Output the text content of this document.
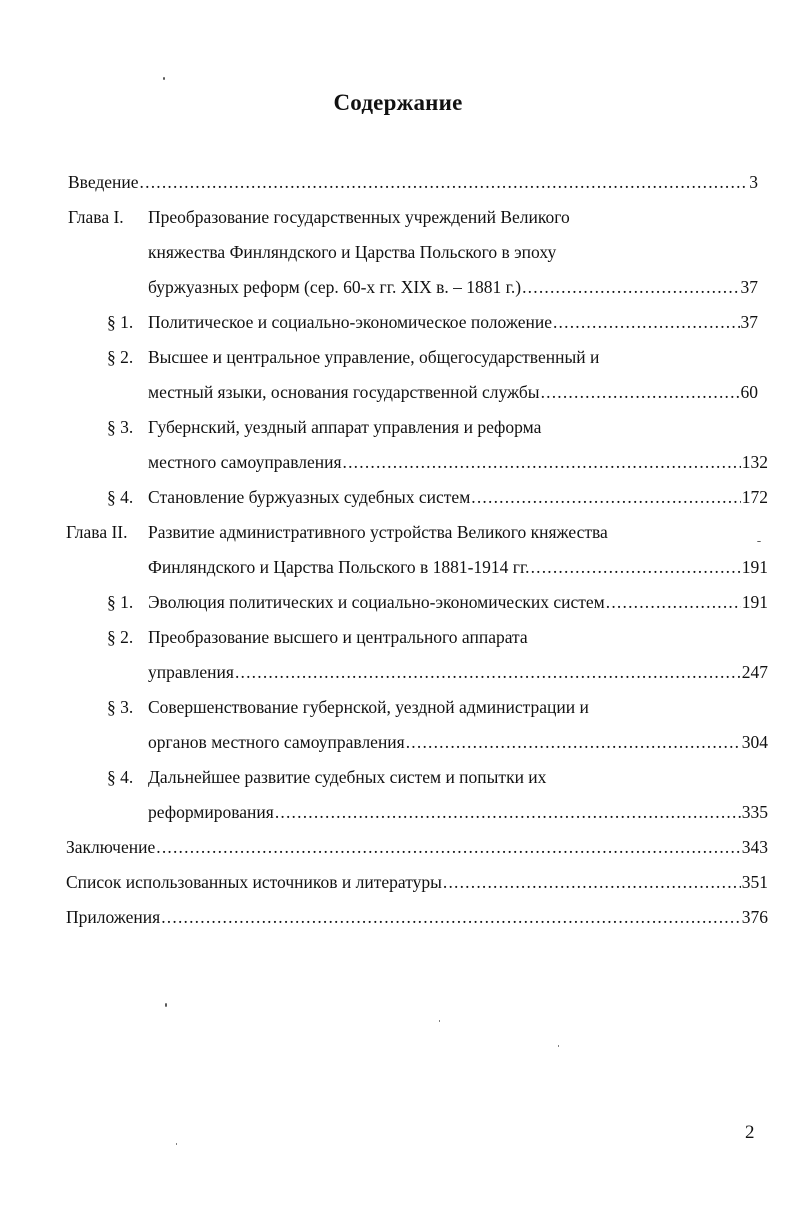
Содержание
Введение .....	3
Глава I. Преобразование государственных учреждений Великого
княжества Финляндского и Царства Польского в эпоху
буржуазных реформ (сер. 60-х гг. XIX в. – 1881 г.) .....	37
§ 1. Политическое и социально-экономическое положение .....	37
§ 2. Высшее и центральное управление, общегосударственный и
местный языки, основания государственной службы .....	60
§ 3. Губернский, уездный аппарат управления и реформа
местного самоуправления .....	132
§ 4. Становление буржуазных судебных систем .....	172
Глава II. Развитие административного устройства Великого княжества
Финляндского и Царства Польского в 1881-1914 гг. .....	191
§ 1. Эволюция политических и социально-экономических систем .....	191
§ 2. Преобразование высшего и центрального аппарата
управления .....	247
§ 3. Совершенствование губернской, уездной администрации и
органов местного самоуправления .....	304
§ 4. Дальнейшее развитие судебных систем и попытки их
реформирования .....	335
Заключение .....	343
Список использованных источников и литературы .....	351
Приложения .....	376
2
